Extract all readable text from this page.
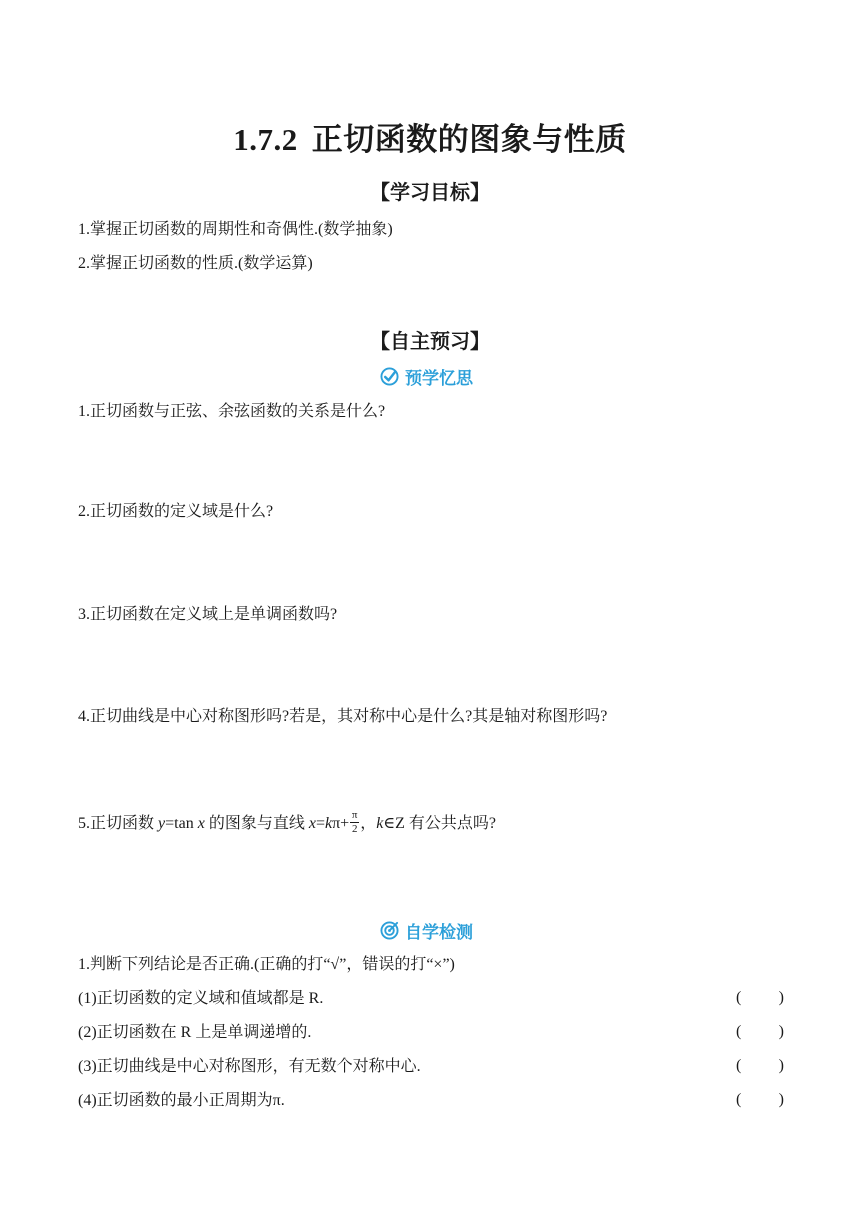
1.7.2 正切函数的图象与性质
【学习目标】
1.掌握正切函数的周期性和奇偶性.(数学抽象)
2.掌握正切函数的性质.(数学运算)
【自主预习】
预学忆思
1.正切函数与正弦、余弦函数的关系是什么?
2.正切函数的定义域是什么?
3.正切函数在定义域上是单调函数吗?
4.正切曲线是中心对称图形吗?若是，其对称中心是什么?其是轴对称图形吗?
5.正切函数 y=tan x 的图象与直线 $x=k\pi+ \frac{\pi}{2}$ ，k∈Z 有公共点吗?
自学检测
1.判断下列结论是否正确.(正确的打“√”，错误的打“×”)
(1)正切函数的定义域和值域都是 R.	( )
(2)正切函数在 R 上是单调递增的.	( )
(3)正切曲线是中心对称图形，有无数个对称中心.	( )
(4)正切函数的最小正周期为π.	( )
